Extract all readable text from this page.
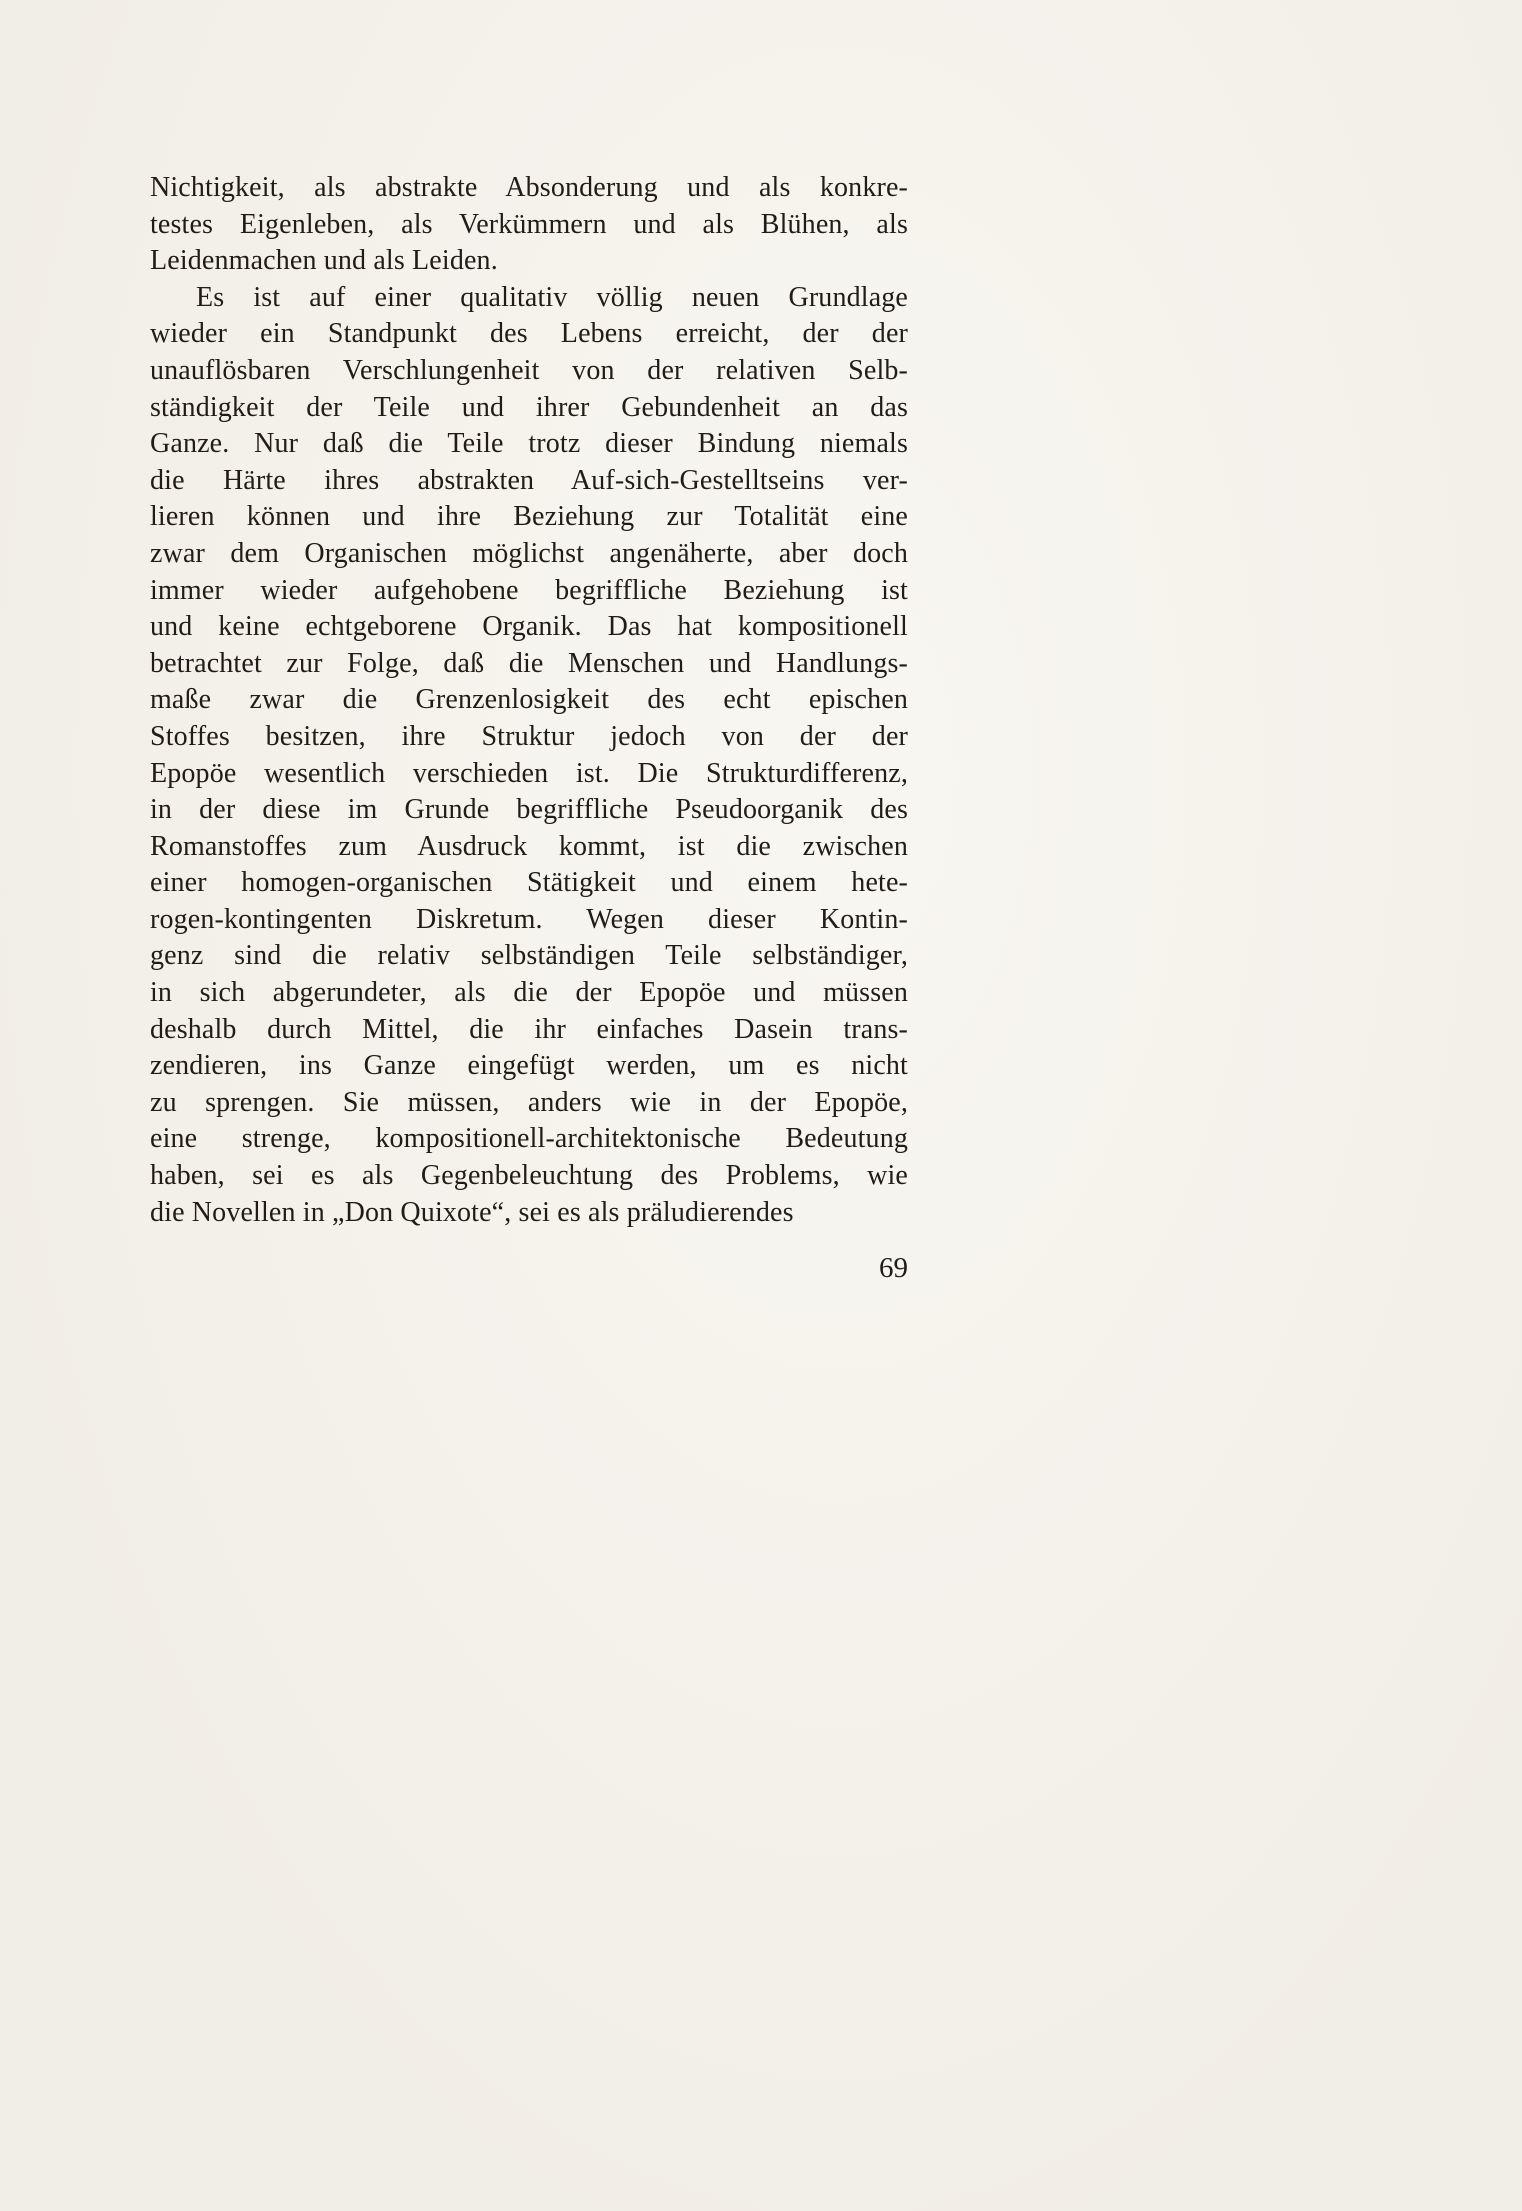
Nichtigkeit, als abstrakte Absonderung und als konkre-
testes Eigenleben, als Verkümmern und als Blühen, als
Leidenmachen und als Leiden.
Es ist auf einer qualitativ völlig neuen Grundlage
wieder ein Standpunkt des Lebens erreicht, der der
unauflösbaren Verschlungenheit von der relativen Selb-
ständigkeit der Teile und ihrer Gebundenheit an das
Ganze. Nur daß die Teile trotz dieser Bindung niemals
die Härte ihres abstrakten Auf-sich-Gestelltseins ver-
lieren können und ihre Beziehung zur Totalität eine
zwar dem Organischen möglichst angenäherte, aber doch
immer wieder aufgehobene begriffliche Beziehung ist
und keine echtgeborene Organik. Das hat kompositionell
betrachtet zur Folge, daß die Menschen und Handlungs-
maße zwar die Grenzenlosigkeit des echt epischen
Stoffes besitzen, ihre Struktur jedoch von der der
Epopöe wesentlich verschieden ist. Die Strukturdifferenz,
in der diese im Grunde begriffliche Pseudoorganik des
Romanstoffes zum Ausdruck kommt, ist die zwischen
einer homogen-organischen Stätigkeit und einem hete-
rogen-kontingenten Diskretum. Wegen dieser Kontin-
genz sind die relativ selbständigen Teile selbständiger,
in sich abgerundeter, als die der Epopöe und müssen
deshalb durch Mittel, die ihr einfaches Dasein trans-
zendieren, ins Ganze eingefügt werden, um es nicht
zu sprengen. Sie müssen, anders wie in der Epopöe,
eine strenge, kompositionell-architektonische Bedeutung
haben, sei es als Gegenbeleuchtung des Problems, wie
die Novellen in „Don Quixote“, sei es als präludierendes
69
